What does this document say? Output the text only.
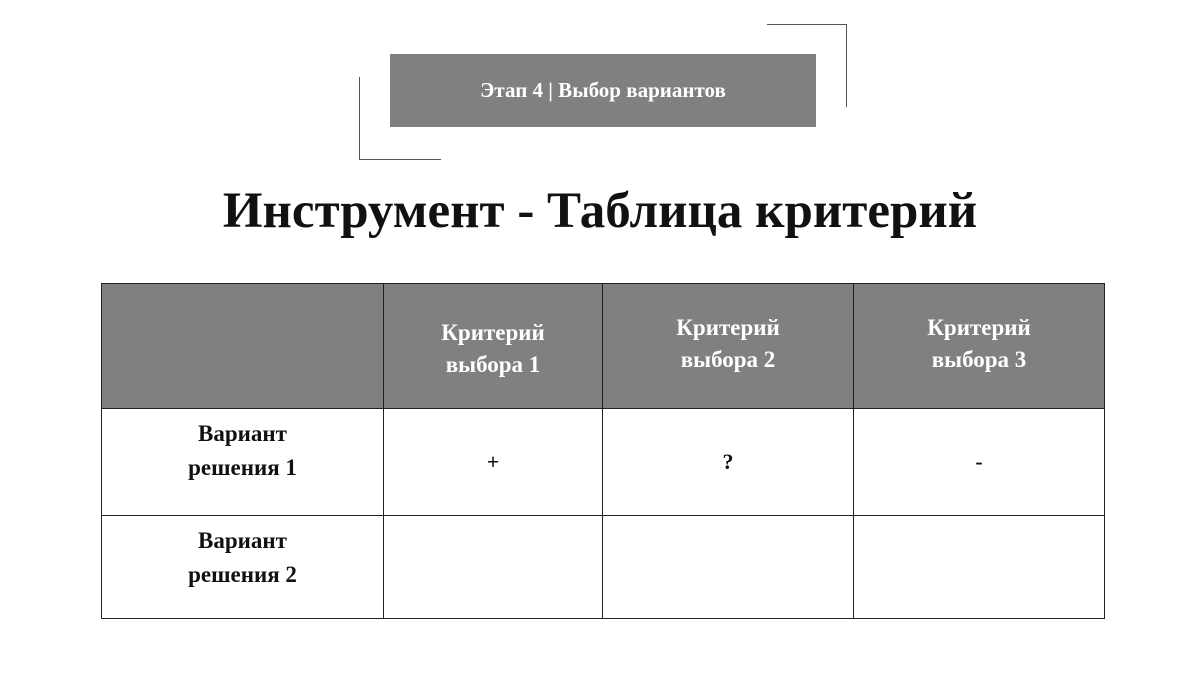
Этап 4 | Выбор вариантов
Инструмент - Таблица критерий
	Критерий
выбора 1	Критерий
выбора 2	Критерий
выбора 3
Вариант
решения 1	+	?	-
Вариант
решения 2			
